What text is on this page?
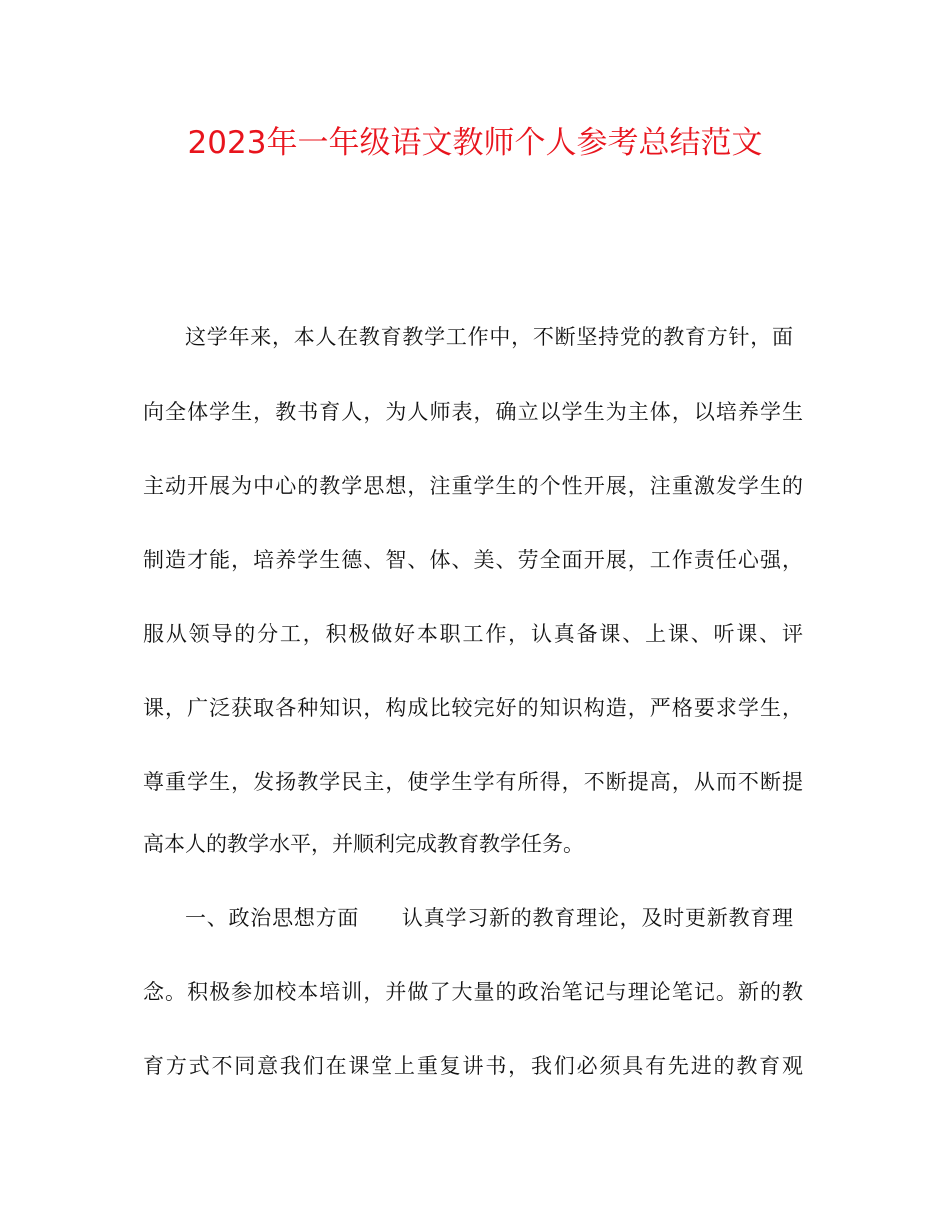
2023年一年级语文教师个人参考总结范文
这学年来，本人在教育教学工作中，不断坚持党的教育方针，面
向全体学生，教书育人，为人师表，确立以学生为主体，以培养学生
主动开展为中心的教学思想，注重学生的个性开展，注重激发学生的
制造才能，培养学生德、智、体、美、劳全面开展，工作责任心强，
服从领导的分工，积极做好本职工作，认真备课、上课、听课、评
课，广泛获取各种知识，构成比较完好的知识构造，严格要求学生，
尊重学生，发扬教学民主，使学生学有所得，不断提高，从而不断提
高本人的教学水平，并顺利完成教育教学任务。
一、政治思想方面 认真学习新的教育理论，及时更新教育理
念。积极参加校本培训，并做了大量的政治笔记与理论笔记。新的教
育方式不同意我们在课堂上重复讲书，我们必须具有先进的教育观
